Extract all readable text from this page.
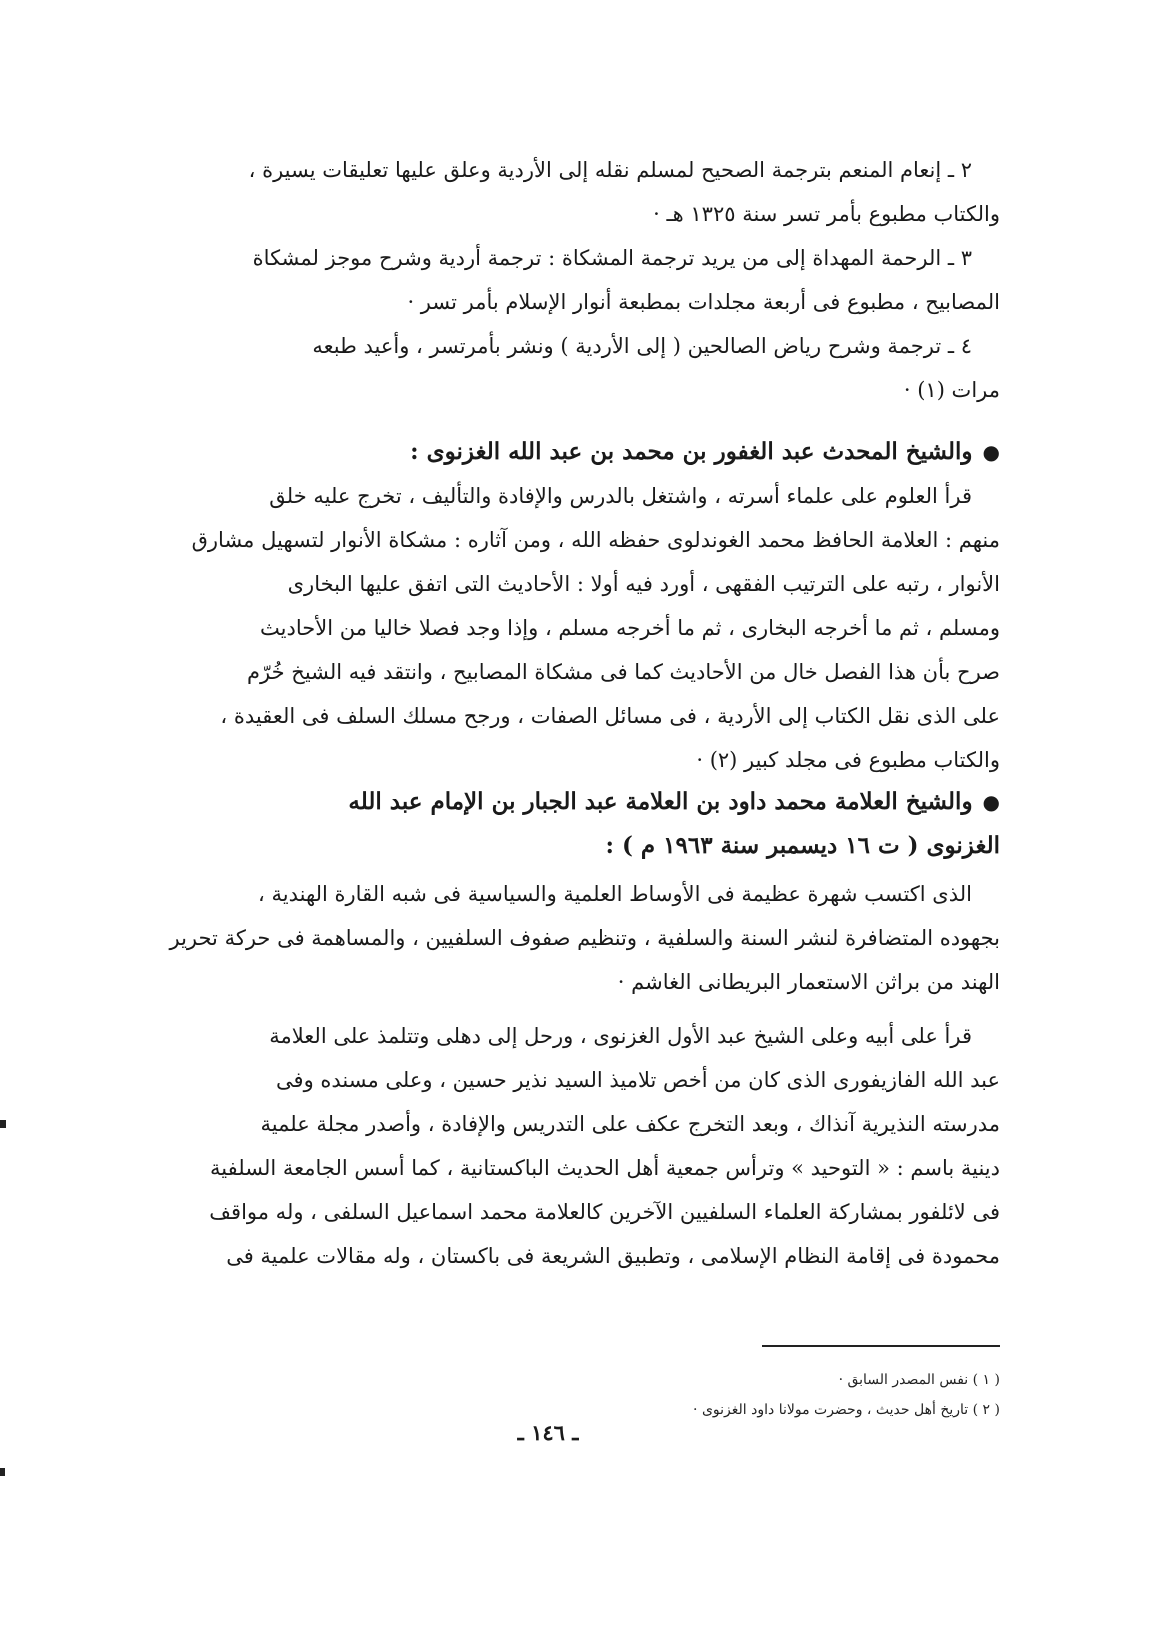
٢ ـ إنعام المنعم بترجمة الصحيح لمسلم نقله إلى الأردية وعلق عليها تعليقات يسيرة ،

والكتاب مطبوع بأمر تسر سنة ١٣٢٥ هـ ·

٣ ـ الرحمة المهداة إلى من يريد ترجمة المشكاة : ترجمة أردية وشرح موجز لمشكاة

المصابيح ، مطبوع فى أربعة مجلدات بمطبعة أنوار الإسلام بأمر تسر ·

٤ ـ ترجمة وشرح رياض الصالحين ( إلى الأردية ) ونشر بأمرتسر ، وأعيد طبعه

مرات (١) ·

●والشيخ المحدث عبد الغفور بن محمد بن عبد الله الغزنوى :

قرأ العلوم على علماء أسرته ، واشتغل بالدرس والإفادة والتأليف ، تخرج عليه خلق

منهم : العلامة الحافظ محمد الغوندلوى حفظه الله ، ومن آثاره : مشكاة الأنوار لتسهيل مشارق

الأنوار ، رتبه على الترتيب الفقهى ، أورد فيه أولا : الأحاديث التى اتفق عليها البخارى

ومسلم ، ثم ما أخرجه البخارى ، ثم ما أخرجه مسلم ، وإذا وجد فصلا خاليا من الأحاديث

صرح بأن هذا الفصل خال من الأحاديث كما فى مشكاة المصابيح ، وانتقد فيه الشيخ خُرّم

على الذى نقل الكتاب إلى الأردية ، فى مسائل الصفات ، ورجح مسلك السلف فى العقيدة ،

والكتاب مطبوع فى مجلد كبير (٢) ·

●والشيخ العلامة محمد داود بن العلامة عبد الجبار بن الإمام عبد الله

الغزنوى ( ت ١٦ ديسمبر سنة ١٩٦٣ م ) :

الذى اكتسب شهرة عظيمة فى الأوساط العلمية والسياسية فى شبه القارة الهندية ،

بجهوده المتضافرة لنشر السنة والسلفية ، وتنظيم صفوف السلفيين ، والمساهمة فى حركة تحرير

الهند من براثن الاستعمار البريطانى الغاشم ·

قرأ على أبيه وعلى الشيخ عبد الأول الغزنوى ، ورحل إلى دهلى وتتلمذ على العلامة

عبد الله الفازيفورى الذى كان من أخص تلاميذ السيد نذير حسين ، وعلى مسنده وفى

مدرسته النذيرية آنذاك ، وبعد التخرج عكف على التدريس والإفادة ، وأصدر مجلة علمية

دينية باسم : « التوحيد » وترأس جمعية أهل الحديث الباكستانية ، كما أسس الجامعة السلفية

فى لائلفور بمشاركة العلماء السلفيين الآخرين كالعلامة محمد اسماعيل السلفى ، وله مواقف

محمودة فى إقامة النظام الإسلامى ، وتطبيق الشريعة فى باكستان ، وله مقالات علمية فى

( ١ ) نفس المصدر السابق ·

( ٢ ) تاريخ أهل حديث ، وحضرت مولانا داود الغزنوى ·

ـ ١٤٦ ـ
